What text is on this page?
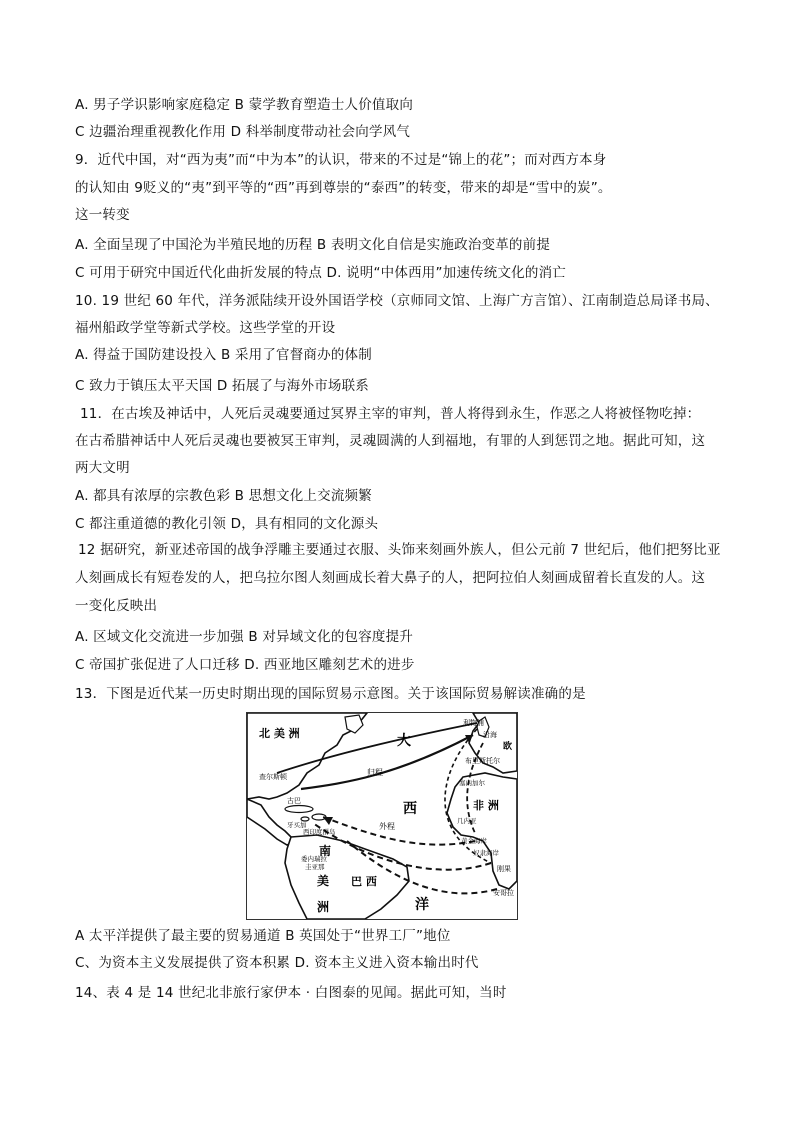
A. 男子学识影响家庭稳定 B 蒙学教育塑造士人价值取向
C 边疆治理重视教化作用 D 科举制度带动社会向学风气
9．近代中国，对“西为夷”而“中为本”的认识，带来的不过是“锦上的花”；而对西方本身
的认知由 9贬义的“夷”到平等的“西”再到尊崇的“泰西”的转变，带来的却是“雪中的炭”。
这一转变
A. 全面呈现了中国沦为半殖民地的历程 B 表明文化自信是实施政治变革的前提
C 可用于研究中国近代化曲折发展的特点 D. 说明“中体西用”加速传统文化的消亡
10. 19 世纪 60 年代，洋务派陆续开设外国语学校（京师同文馆、上海广方言馆）、江南制造总局译书局、
福州船政学堂等新式学校。这些学堂的开设
A. 得益于国防建设投入 B 采用了官督商办的体制
C 致力于镇压太平天国 D 拓展了与海外市场联系
11．在古埃及神话中，人死后灵魂要通过冥界主宰的审判，普人将得到永生，作恶之人将被怪物吃掉：
在古希腊神话中人死后灵魂也要被冥王审判，灵魂圆满的人到福地，有罪的人到惩罚之地。据此可知，这
两大文明
A. 都具有浓厚的宗教色彩 B 思想文化上交流频繁
C 都注重道德的教化引领 D，具有相同的文化源头
12 据研究，新亚述帝国的战争浮雕主要通过衣服、头饰来刻画外族人，但公元前 7 世纪后，他们把努比亚
人刻画成长有短卷发的人，把乌拉尔图人刻画成长着大鼻子的人，把阿拉伯人刻画成留着长直发的人。这
一变化反映出
A. 区域文化交流进一步加强 B 对异域文化的包容度提升
C 帝国扩张促进了人口迁移 D. 西亚地区雕刻艺术的进步
13．下图是近代某一历史时期出现的国际贸易示意图。关于该国际贸易解读准确的是
A 太平洋提供了最主要的贸易通道 B 英国处于“世界工厂”地位
C、为资本主义发展提供了资本积累 D. 资本主义进入资本输出时代
14、表 4 是 14 世纪北非旅行家伊本 · 白图泰的见闻。据此可知，当时
北 美 洲	大
西
洋
非 洲
南
美
洲
巴 西
归程
外程
利物浦
布里斯托尔
欧
沿海
古巴
牙买加
西印度群岛
查尔斯顿
几内亚
黄金海岸
奴隶海岸
刚果
安哥拉
委内瑞拉
圭亚那
塞内加尔
